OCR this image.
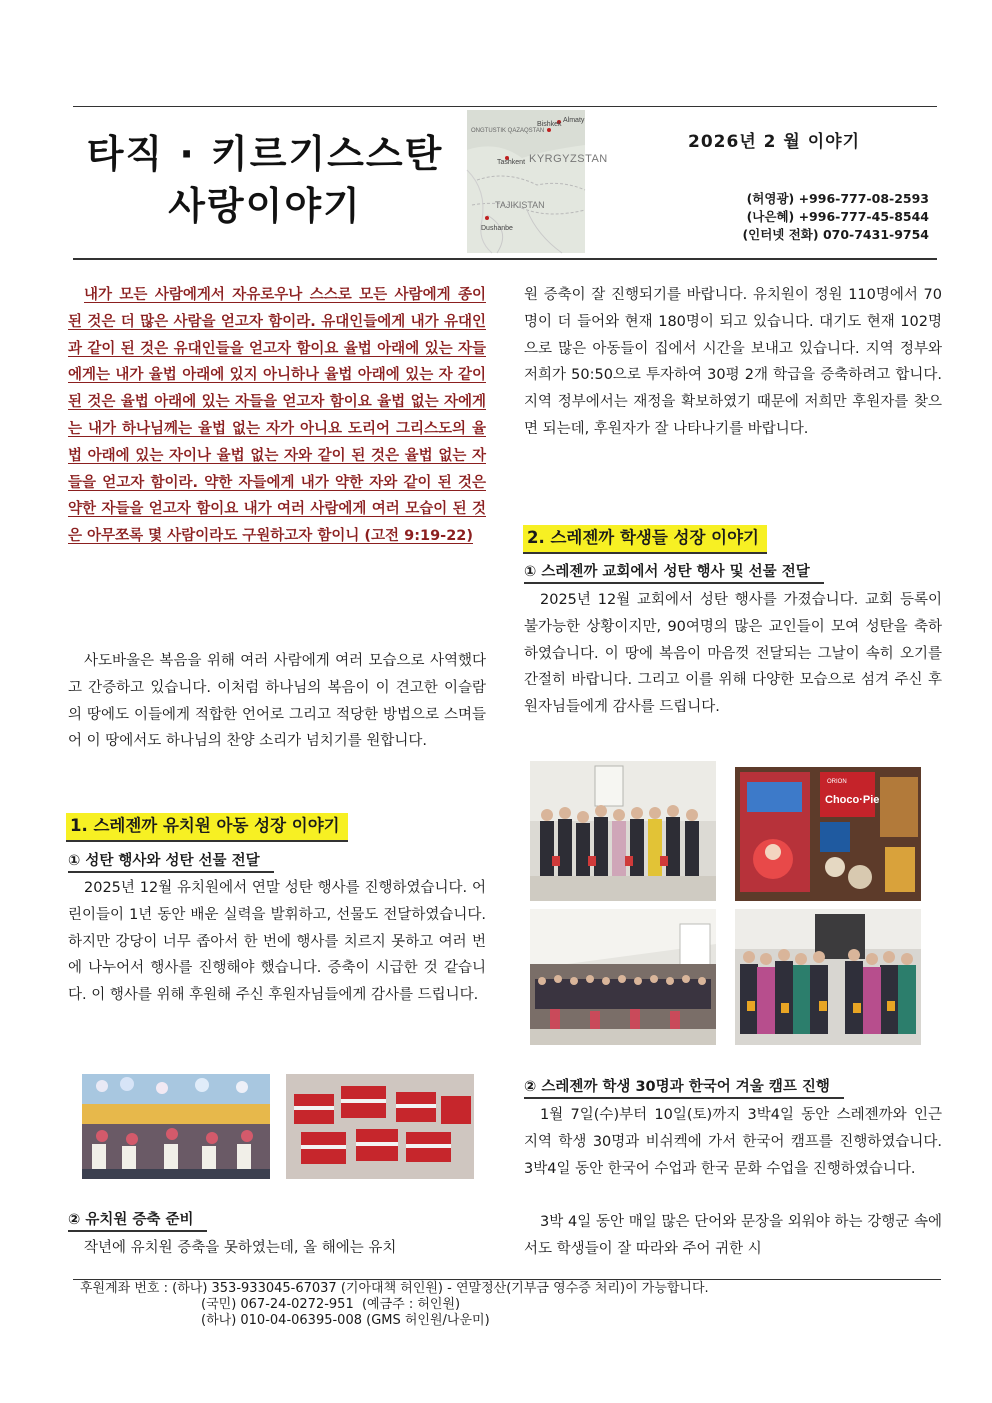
타직 · 키르기스스탄
사랑이야기
Almaty
Bishkek
ONGTUSTIK QAZAQSTAN
Tashkent KYRGYZSTAN
TAJIKISTAN
Dushanbe
2026년 2 월 이야기
(허영광) +996-777-08-2593
(나은혜) +996-777-45-8544
(인터넷 전화) 070-7431-9754

내가 모든 사람에게서 자유로우나 스스로 모든 사람에게 종이 된 것은 더 많은 사람을 얻고자 함이라. 유대인들에게 내가 유대인과 같이 된 것은 유대인들을 얻고자 함이요 율법 아래에 있는 자들에게는 내가 율법 아래에 있지 아니하나 율법 아래에 있는 자 같이 된 것은 율법 아래에 있는 자들을 얻고자 함이요 율법 없는 자에게는 내가 하나님께는 율법 없는 자가 아니요 도리어 그리스도의 율법 아래에 있는 자이나 율법 없는 자와 같이 된 것은 율법 없는 자들을 얻고자 함이라. 약한 자들에게 내가 약한 자와 같이 된 것은 약한 자들을 얻고자 함이요 내가 여러 사람에게 여러 모습이 된 것은 아무쪼록 몇 사람이라도 구원하고자 함이니 (고전 9:19-22)

사도바울은 복음을 위해 여러 사람에게 여러 모습으로 사역했다고 간증하고 있습니다. 이처럼 하나님의 복음이 이 견고한 이슬람의 땅에도 이들에게 적합한 언어로 그리고 적당한 방법으로 스며들어 이 땅에서도 하나님의 찬양 소리가 넘치기를 원합니다.

1. 스레젠까 유치원 아동 성장 이야기
① 성탄 행사와 성탄 선물 전달

2025년 12월 유치원에서 연말 성탄 행사를 진행하였습니다. 어린이들이 1년 동안 배운 실력을 발휘하고, 선물도 전달하였습니다. 하지만 강당이 너무 좁아서 한 번에 행사를 치르지 못하고 여러 번에 나누어서 행사를 진행해야 했습니다. 증축이 시급한 것 같습니다. 이 행사를 위해 후원해 주신 후원자님들에게 감사를 드립니다.

② 유치원 증축 준비

작년에 유치원 증축을 못하였는데, 올 해에는 유치

원 증축이 잘 진행되기를 바랍니다. 유치원이 정원 110명에서 70명이 더 들어와 현재 180명이 되고 있습니다. 대기도 현재 102명으로 많은 아동들이 집에서 시간을 보내고 있습니다. 지역 정부와 저희가 50:50으로 투자하여 30평 2개 학급을 증축하려고 합니다. 지역 정부에서는 재정을 확보하였기 때문에 저희만 후원자를 찾으면 되는데, 후원자가 잘 나타나기를 바랍니다.

2. 스레젠까 학생들 성장 이야기
① 스레젠까 교회에서 성탄 행사 및 선물 전달

2025년 12월 교회에서 성탄 행사를 가졌습니다. 교회 등록이 불가능한 상황이지만, 90여명의 많은 교인들이 모여 성탄을 축하하였습니다. 이 땅에 복음이 마음껏 전달되는 그날이 속히 오기를 간절히 바랍니다. 그리고 이를 위해 다양한 모습으로 섬겨 주신 후원자님들에게 감사를 드립니다.

Choco·Pie
ORION
② 스레젠까 학생 30명과 한국어 겨울 캠프 진행

1월 7일(수)부터 10일(토)까지 3박4일 동안 스레젠까와 인근 지역 학생 30명과 비쉬켁에 가서 한국어 캠프를 진행하였습니다. 3박4일 동안 한국어 수업과 한국 문화 수업을 진행하였습니다.

3박 4일 동안 매일 많은 단어와 문장을 외워야 하는 강행군 속에서도 학생들이 잘 따라와 주어 귀한 시

후원계좌 번호 : (하나) 353-933045-67037 (기아대책 허인원) - 연말정산(기부금 영수증 처리)이 가능합니다.
(국민) 067-24-0272-951  (예금주 : 허인원)
(하나) 010-04-06395-008 (GMS 허인원/나운미)
